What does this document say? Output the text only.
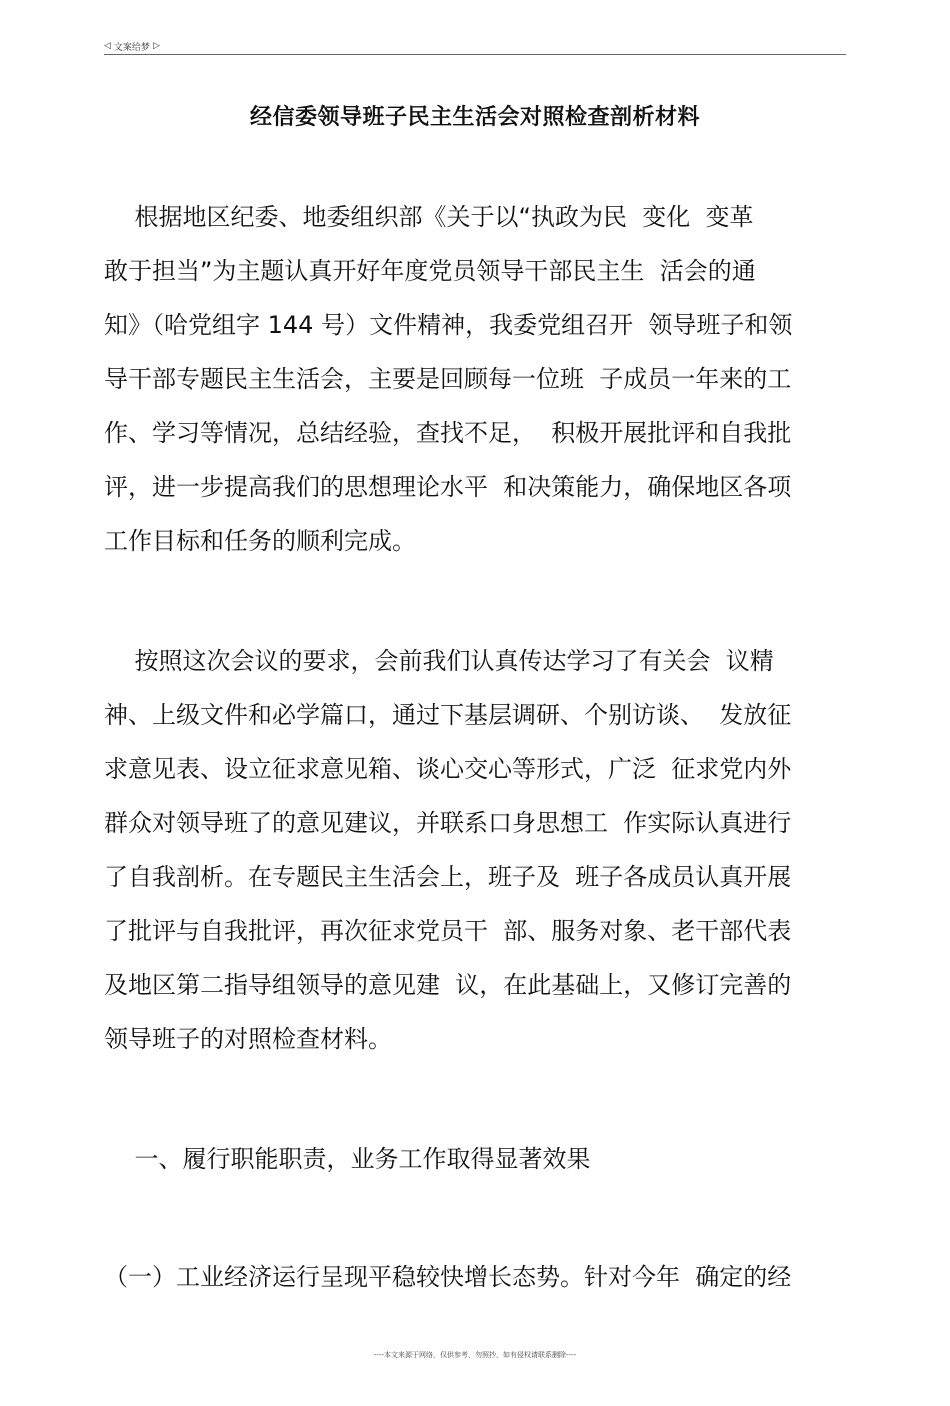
◁ 文案给梦 ▷
经信委领导班子民主生活会对照检查剖析材料
根据地区纪委、地委组织部《关于以“执政为民  变化  变革
敢于担当”为主题认真开好年度党员领导干部民主生  活会的通
知》（哈党组字 144 号）文件精神，我委党组召开  领导班子和领
导干部专题民主生活会，主要是回顾每一位班  子成员一年来的工
作、学习等情况，总结经验，查找不足，  积极开展批评和自我批
评，进一步提高我们的思想理论水平  和决策能力，确保地区各项
工作目标和任务的顺利完成。
按照这次会议的要求，会前我们认真传达学习了有关会  议精
神、上级文件和必学篇口，通过下基层调研、个别访谈、  发放征
求意见表、设立征求意见箱、谈心交心等形式，广泛  征求党内外
群众对领导班了的意见建议，并联系口身思想工  作实际认真进行
了自我剖析。在专题民主生活会上，班子及  班子各成员认真开展
了批评与自我批评，再次征求党员干  部、服务对象、老干部代表
及地区第二指导组领导的意见建  议，在此基础上，又修订完善的
领导班子的对照检查材料。
一、履行职能职责，业务工作取得显著效果
（一）工业经济运行呈现平稳较快增长态势。针对今年  确定的经
----本文来源于网络，仅供参考，勿照抄，如有侵权请联系删除----
